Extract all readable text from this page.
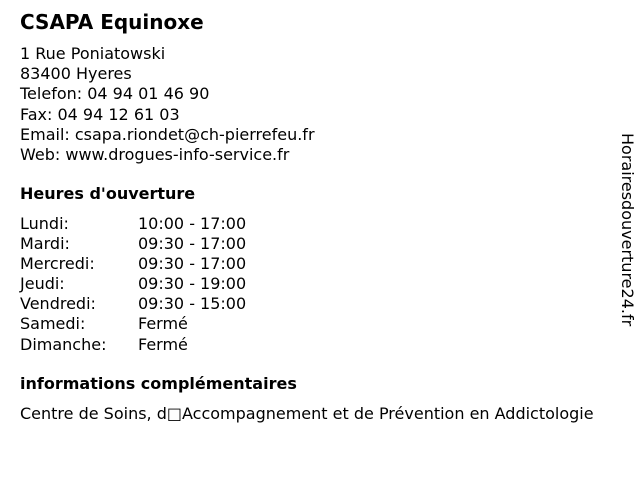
CSAPA Equinoxe
1 Rue Poniatowski
83400 Hyeres
Telefon: 04 94 01 46 90
Fax: 04 94 12 61 03
Email: csapa.riondet@ch-pierrefeu.fr
Web: www.drogues-info-service.fr
Heures d'ouverture
Lundi:	10:00 - 17:00
Mardi:	09:30 - 17:00
Mercredi:	09:30 - 17:00
Jeudi:	09:30 - 19:00
Vendredi:	09:30 - 15:00
Samedi:	Fermé
Dimanche: Fermé
informations complémentaires
Centre de Soins, d□Accompagnement et de Prévention en Addictologie
Horairesdouverture24.fr
